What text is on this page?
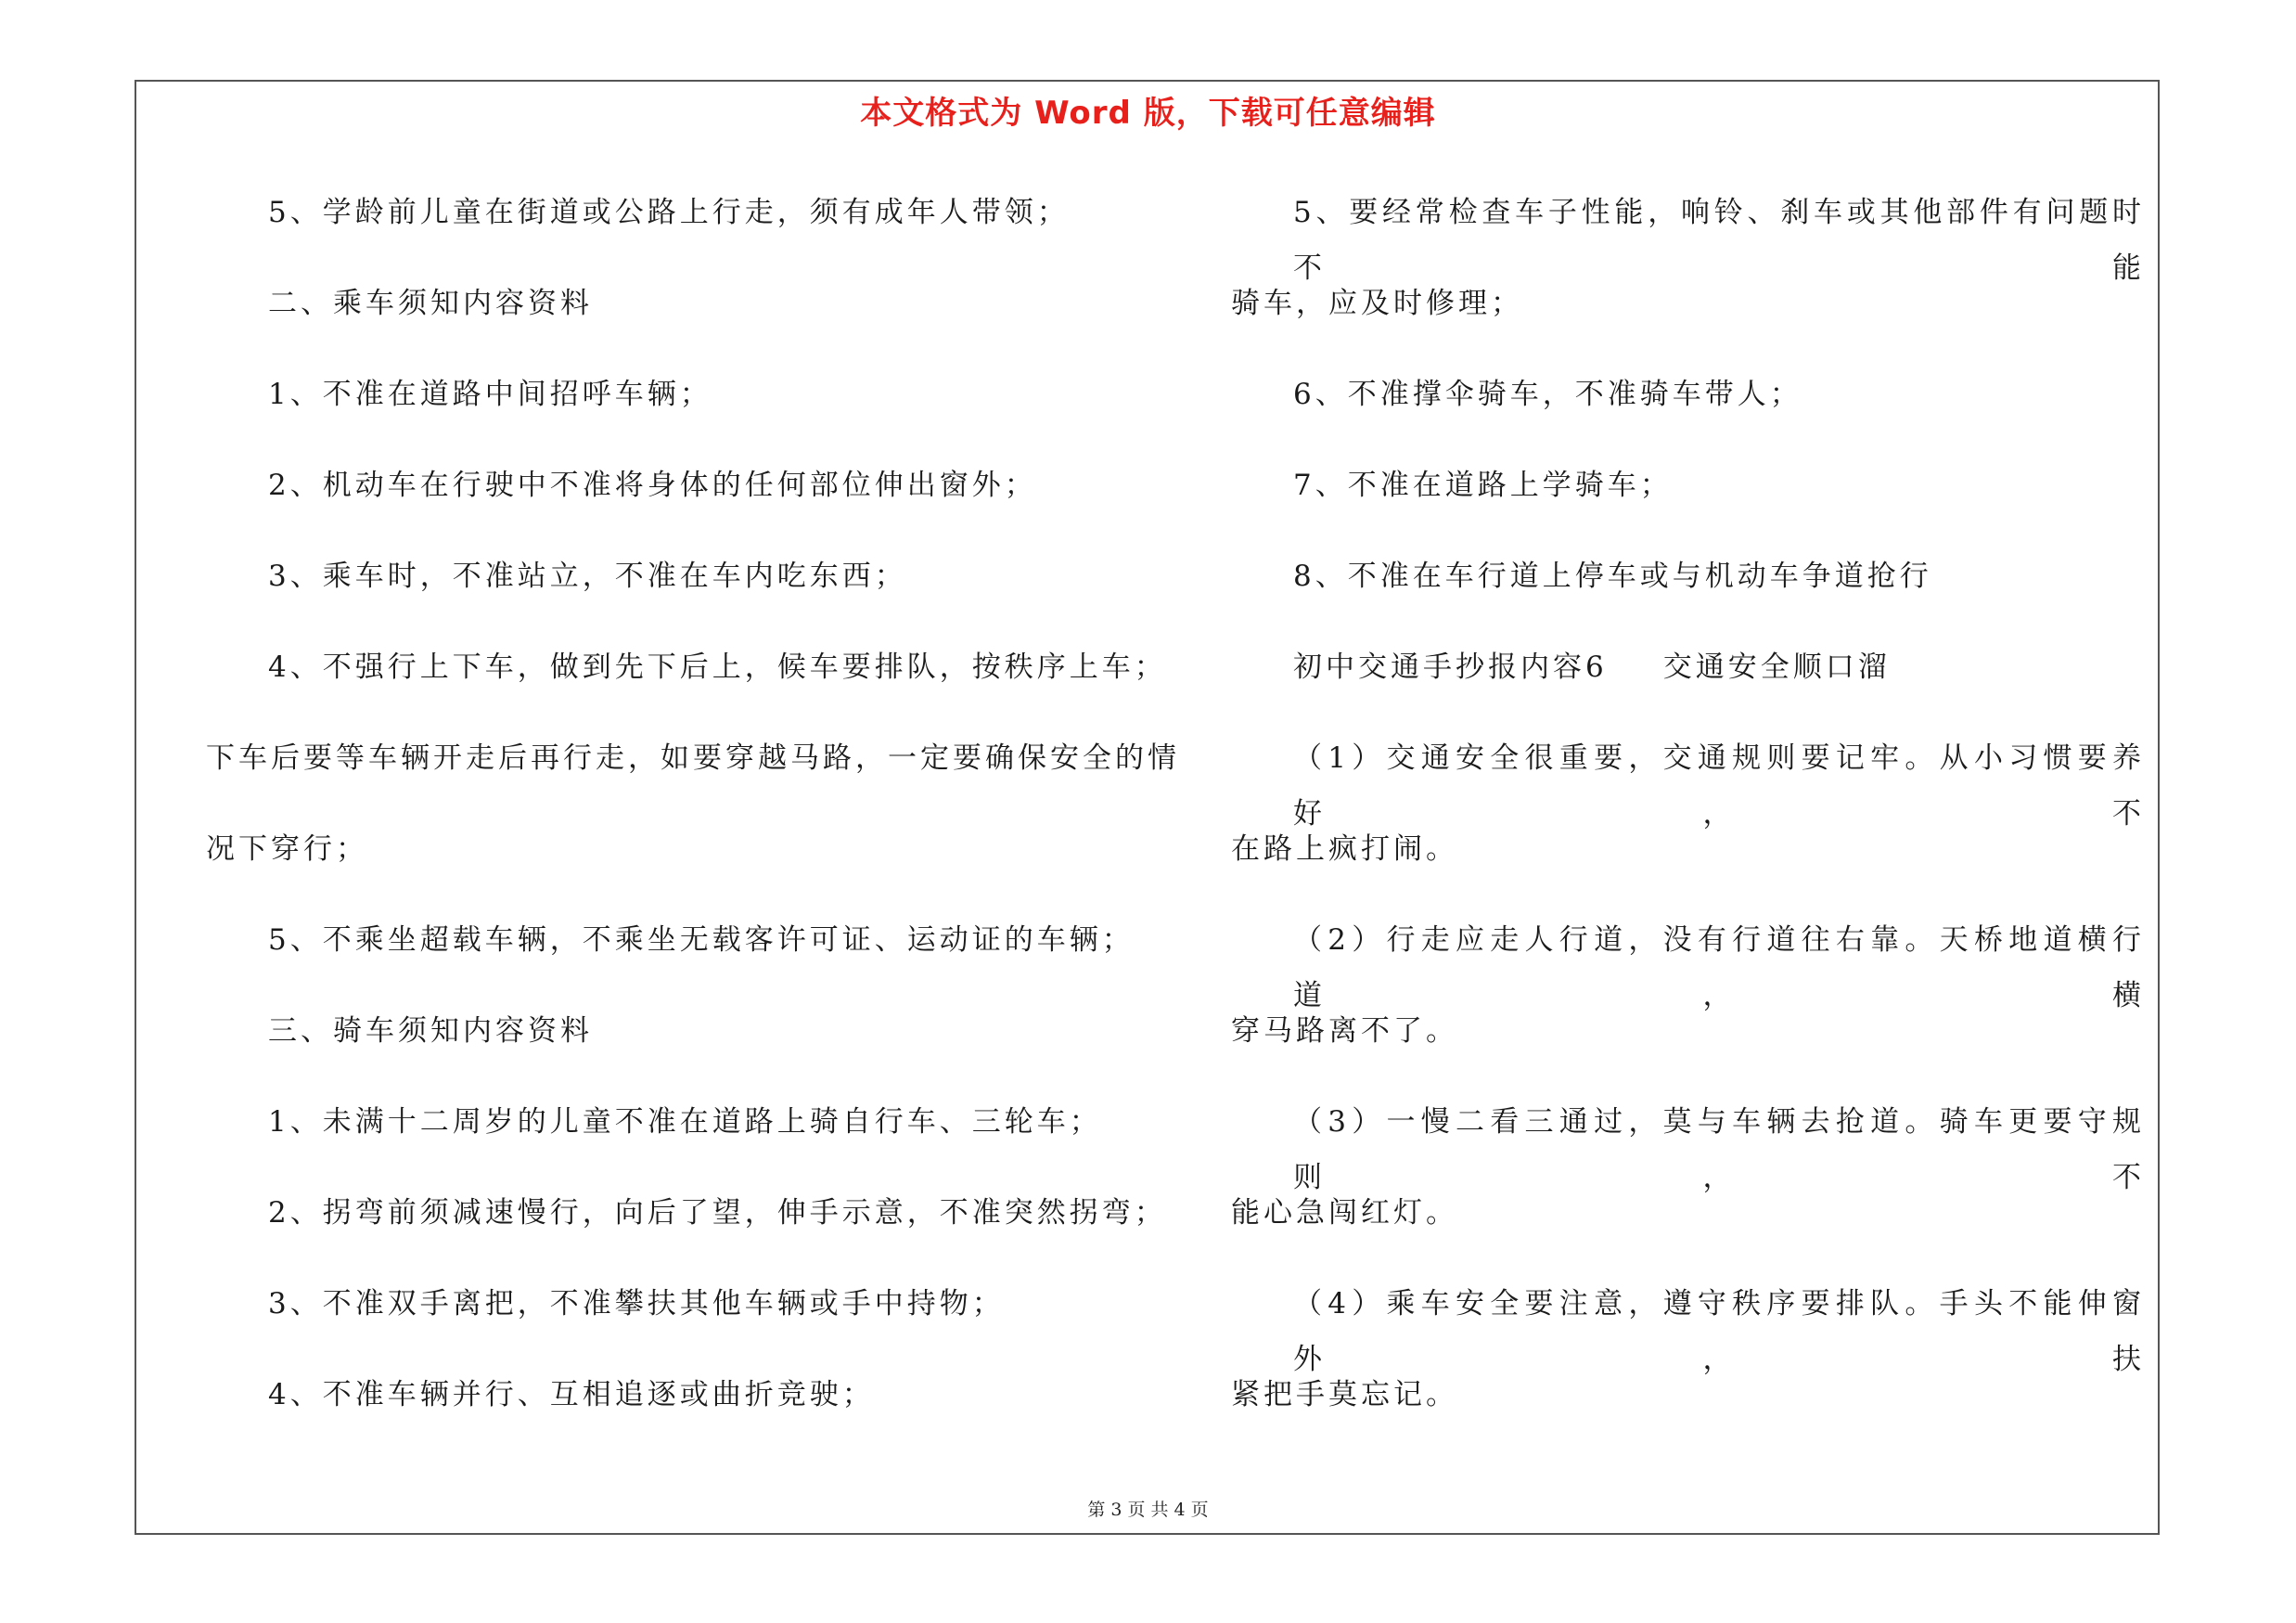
本文格式为 Word 版，下载可任意编辑
5、学龄前儿童在街道或公路上行走，须有成年人带领；
二、乘车须知内容资料
1、不准在道路中间招呼车辆；
2、机动车在行驶中不准将身体的任何部位伸出窗外；
3、乘车时，不准站立，不准在车内吃东西；
4、不强行上下车，做到先下后上，候车要排队，按秩序上车；
下车后要等车辆开走后再行走，如要穿越马路，一定要确保安全的情
况下穿行；
5、不乘坐超载车辆，不乘坐无载客许可证、运动证的车辆；
三、骑车须知内容资料
1、未满十二周岁的儿童不准在道路上骑自行车、三轮车；
2、拐弯前须减速慢行，向后了望，伸手示意，不准突然拐弯；
3、不准双手离把，不准攀扶其他车辆或手中持物；
4、不准车辆并行、互相追逐或曲折竞驶；
5、要经常检查车子性能，响铃、刹车或其他部件有问题时不能
骑车，应及时修理；
6、不准撑伞骑车，不准骑车带人；
7、不准在道路上学骑车；
8、不准在车行道上停车或与机动车争道抢行
初中交通手抄报内容6 交通安全顺口溜
（1）交通安全很重要，交通规则要记牢。从小习惯要养好，不
在路上疯打闹。
（2）行走应走人行道，没有行道往右靠。天桥地道横行道，横
穿马路离不了。
（3）一慢二看三通过，莫与车辆去抢道。骑车更要守规则，不
能心急闯红灯。
（4）乘车安全要注意，遵守秩序要排队。手头不能伸窗外，扶
紧把手莫忘记。
第 3 页 共 4 页
